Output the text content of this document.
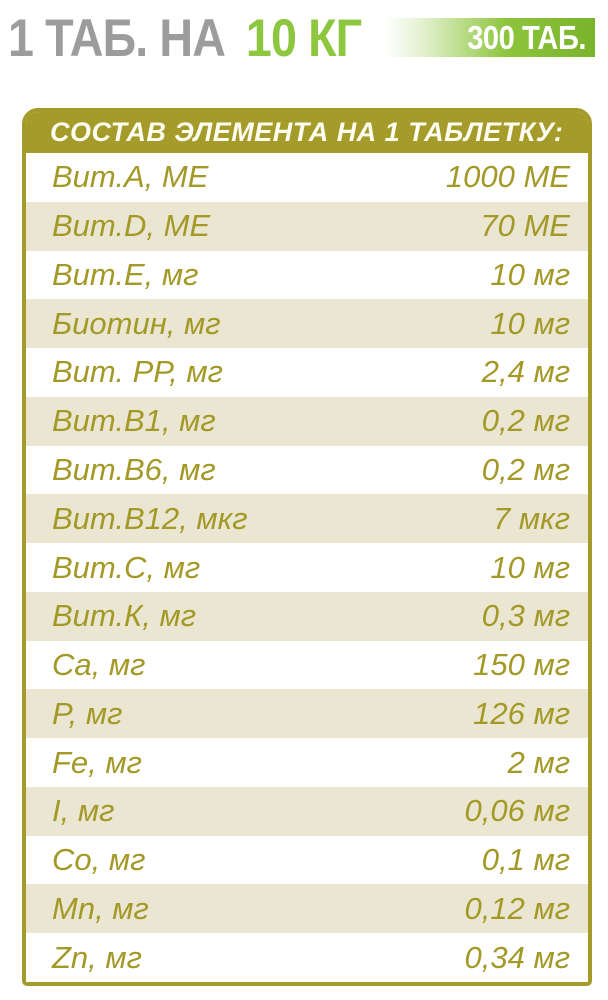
1 ТАБ. НА 10 КГ	300 ТАБ.
СОСТАВ ЭЛЕМЕНТА НА 1 ТАБЛЕТКУ:
Вит.А, МЕ	1000 МЕ
Вит.D, МЕ	70 МЕ
Вит.Е, мг	10 мг
Биотин, мг	10 мг
Вит. РР, мг	2,4 мг
Вит.В1, мг	0,2 мг
Вит.В6, мг	0,2 мг
Вит.В12, мкг	7 мкг
Вит.С, мг	10 мг
Вит.К, мг	0,3 мг
Ca, мг	150 мг
P, мг	126 мг
Fe, мг	2 мг
I, мг	0,06 мг
Co, мг	0,1 мг
Mn, мг	0,12 мг
Zn, мг	0,34 мг
